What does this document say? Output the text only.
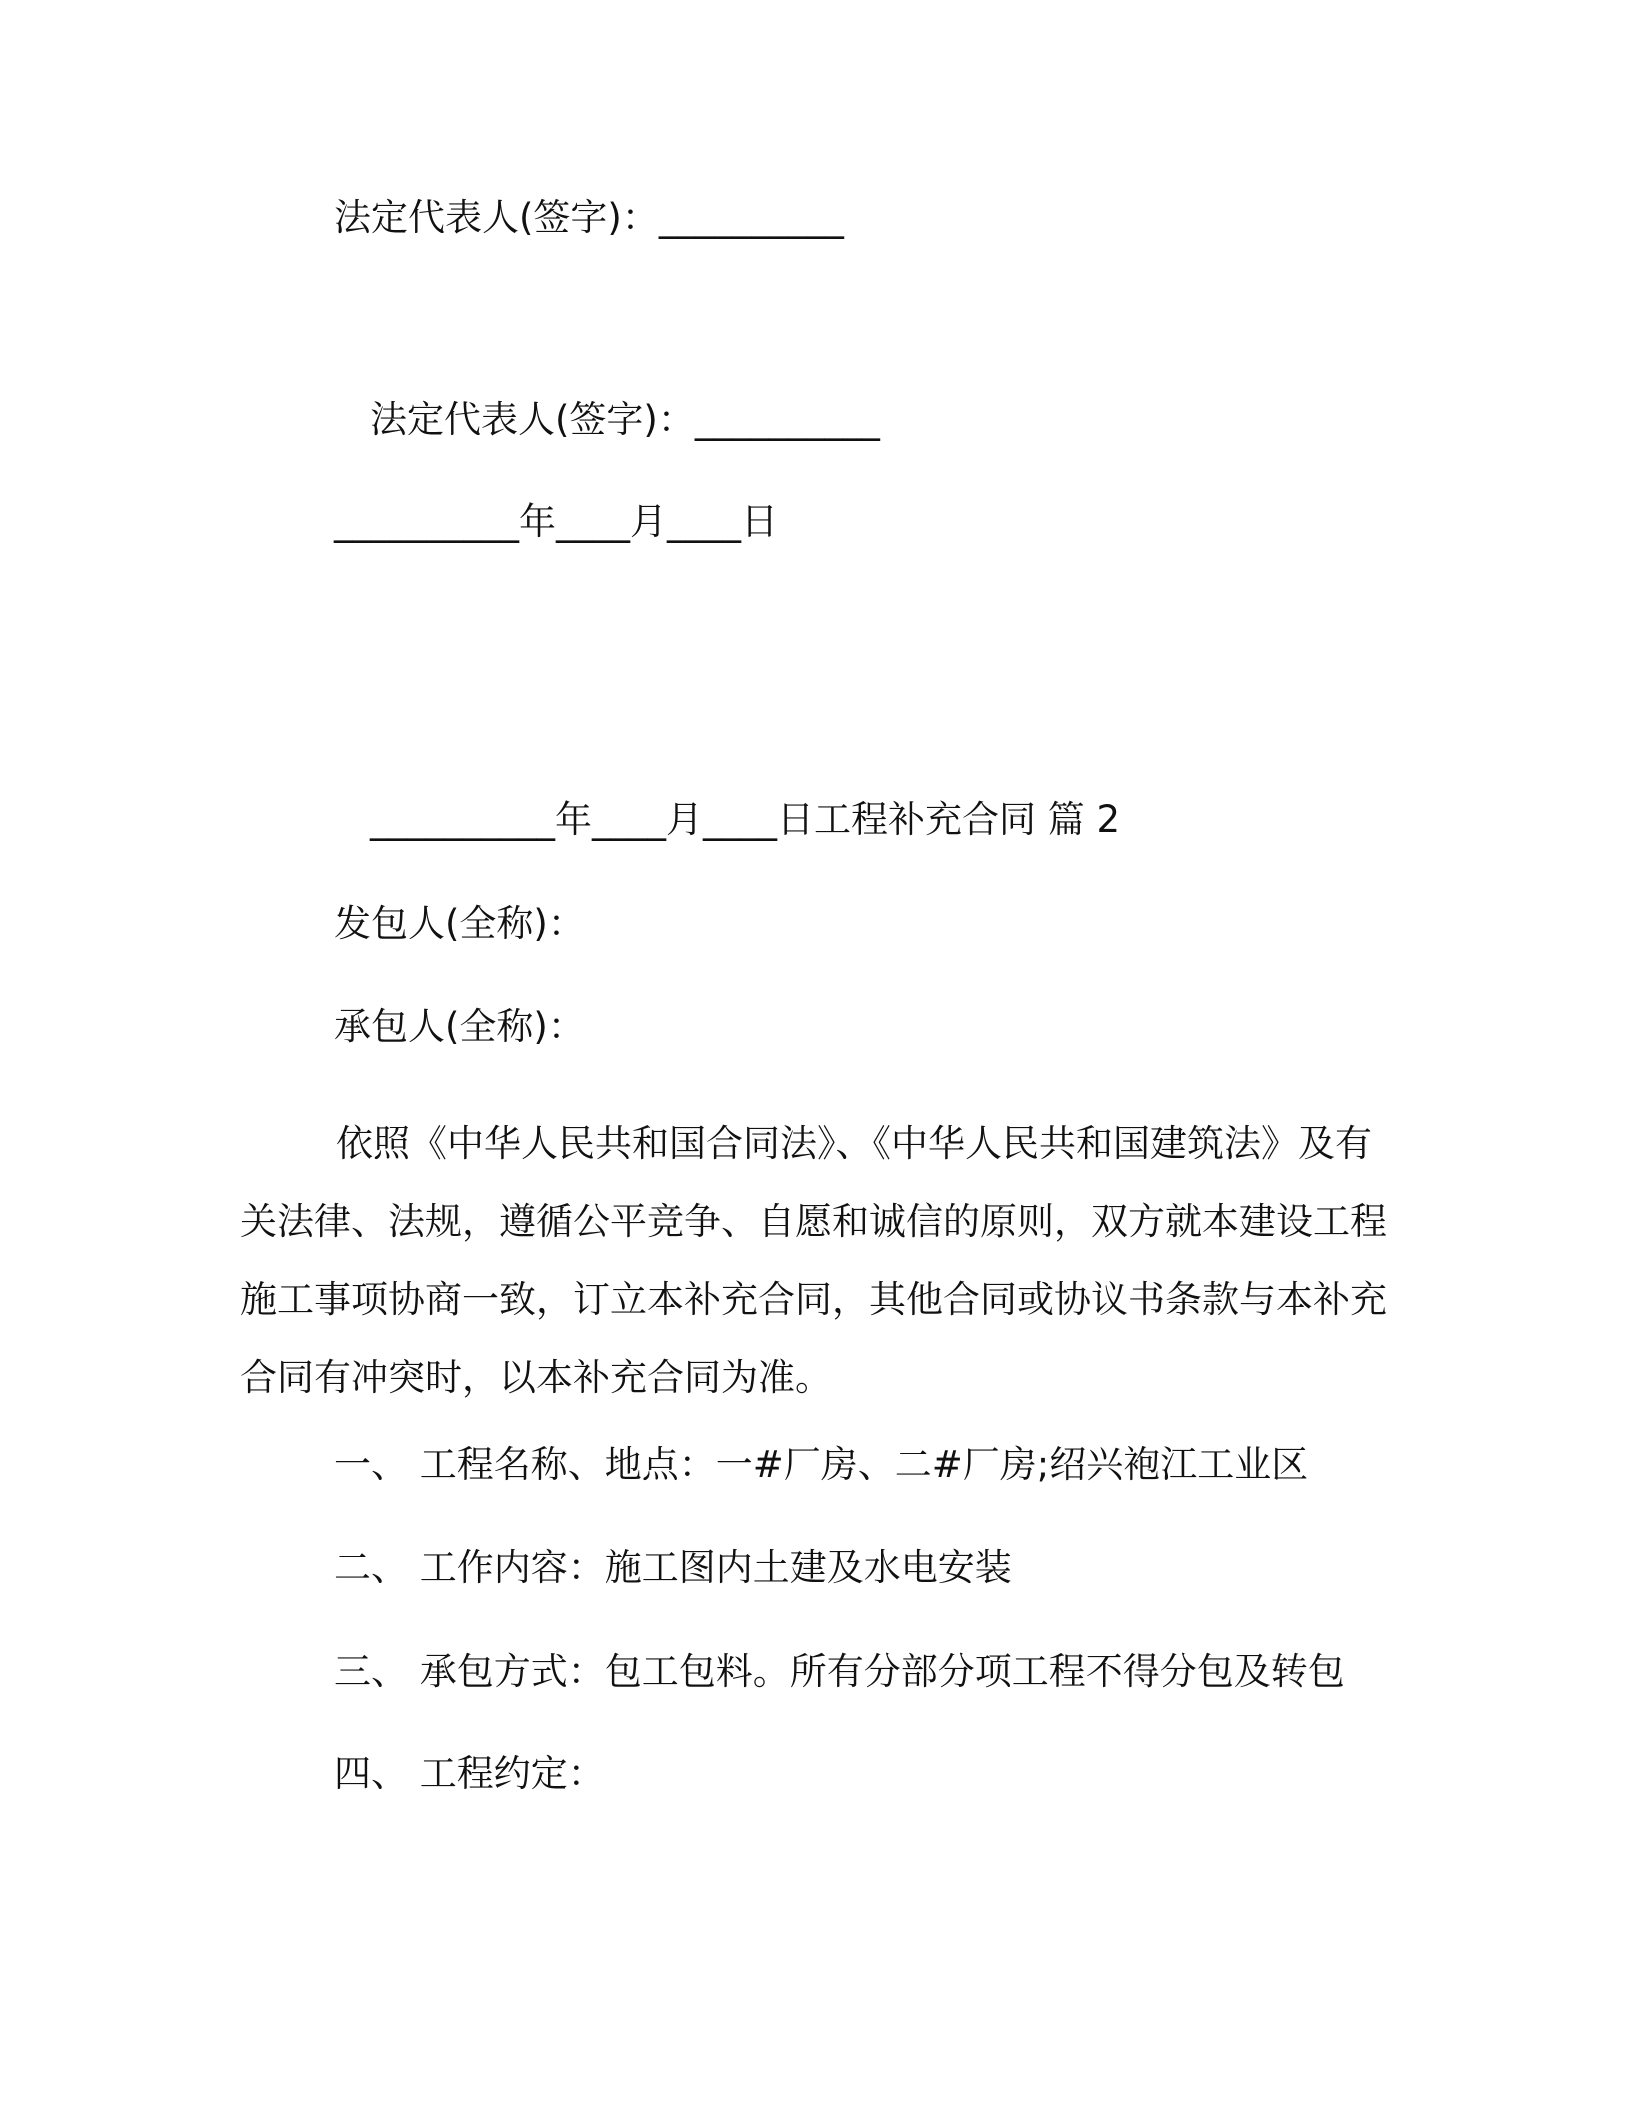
法定代表人(签字)：__________

法定代表人(签字)：__________

__________年____月____日

__________年____月____日工程补充合同 篇 2

发包人(全称)：

承包人(全称)：

依照《中华人民共和国合同法》、《中华人民共和国建筑法》及有关法律、法规，遵循公平竞争、自愿和诚信的原则，双方就本建设工程施工事项协商一致，订立本补充合同，其他合同或协议书条款与本补充合同有冲突时，以本补充合同为准。

一、 工程名称、地点：一#厂房、二#厂房;绍兴袍江工业区

二、 工作内容：施工图内土建及水电安装

三、 承包方式：包工包料。所有分部分项工程不得分包及转包

四、 工程约定：
